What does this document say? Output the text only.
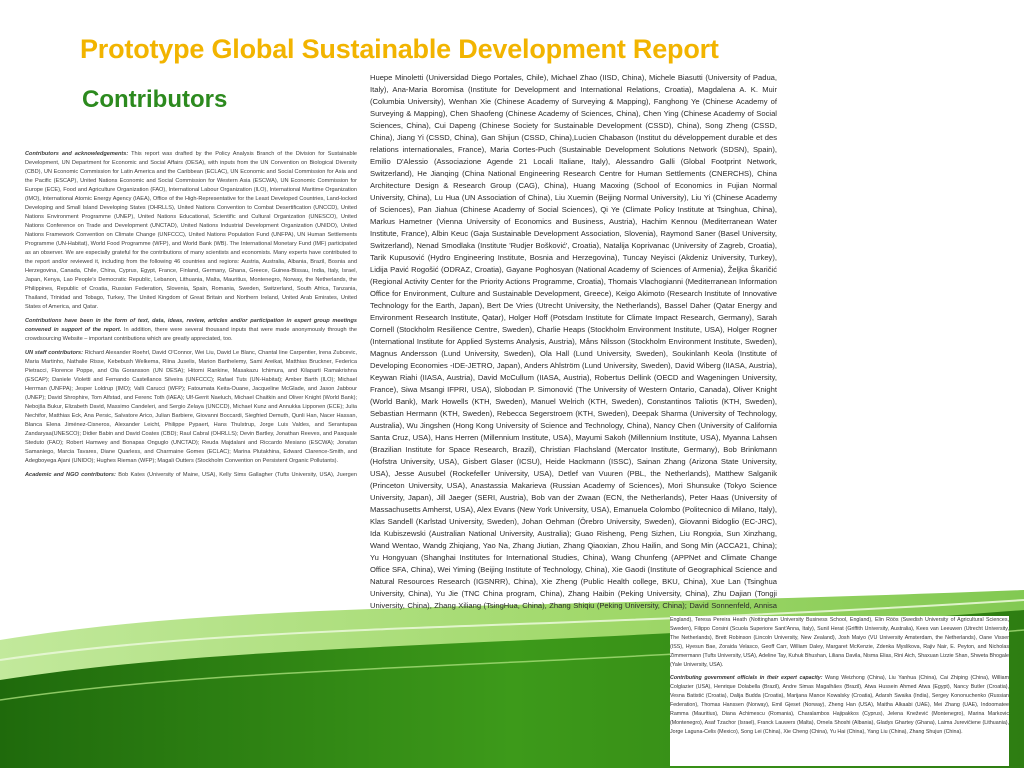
Prototype Global Sustainable Development Report
Contributors

Contributors and acknowledgements: This report was drafted by the Policy Analysis Branch of the Division for Sustainable Development, UN Department for Economic and Social Affairs (DESA), with inputs from the UN Convention on Biological Diversity (CBD), UN Economic Commission for Latin America and the Caribbean (ECLAC), UN Economic and Social Commission for Asia and the Pacific (ESCAP), United Nations Economic and Social Commission for Western Asia (ESCWA), UN Economic Commission for Europe (ECE), Food and Agriculture Organization (FAO), International Labour Organization (ILO), International Maritime Organization (IMO), International Atomic Energy Agency (IAEA), Office of the High-Representative for the Least Developed Countries, Land-locked Developing and Small Island Developing States (OHRLLS), United Nations Convention to Combat Desertification (UNCCD), United Nations Environment Programme (UNEP), United Nations Educational, Scientific and Cultural Organization (UNESCO), United Nations Conference on Trade and Development (UNCTAD), United Nations Industrial Development Organization (UNIDO), United Nations Framework Convention on Climate Change (UNFCCC), United Nations Population Fund (UNFPA), UN Human Settlements Programme (UN-Habitat), World Food Programme (WFP), and World Bank (WB). The International Monetary Fund (IMF) participated as an observer. We are especially grateful for the contributions of many scientists and economists. Many experts have contributed to the report and/or reviewed it, including from the following 46 countries and regions: Austria, Australia, Albania, Brazil, Bosnia and Herzegovina, Canada, Chile, China, Cyprus, Egypt, France, Finland, Germany, Ghana, Greece, Guinea-Bissau, India, Italy, Israel, Japan, Kenya, Lao People's Democratic Republic, Lebanon, Lithuania, Malta, Mauritius, Montenegro, Norway, the Netherlands, the Philippines, Republic of Croatia, Russian Federation, Slovenia, Spain, Romania, Sweden, Switzerland, South Africa, Tanzania, Thailand, Trinidad and Tobago, Turkey, The United Kingdom of Great Britain and Northern Ireland, United Arab Emirates, United States of America, and Qatar.

Contributions have been in the form of text, data, ideas, review, articles and/or participation in expert group meetings convened in support of the report. In addition, there were several thousand inputs that were made anonymously through the crowdsourcing Website – important contributions which are greatly appreciated, too.

UN staff contributors: Richard Alexander Roehrl, David O'Connor, Wei Liu, David Le Blanc, Chantal line Carpentier, Irena Zubcevic, Maria Martinho, Nathalie Risse, Kebebush Welkema, Riina Juselis, Marion Barthelemy, Sami Areikat, Matthias Bruckner, Federica Pietracci, Florence Poppe, and Ola Goransson (UN DESA); Hitomi Rankine, Masakazu Ichimura, and Kilaparti Ramakrishna (ESCAP); Daniele Violetti and Fernando Castellanos Silveira (UNFCCC); Rafael Tuts (UN-Habitat); Amber Barth (ILO); Michael Herrman (UNFPA); Jesper Loldrup (IMO); Valli Carucci (WFP); Fatoumata Keita-Ouane, Jacqueline McGlade, and Jason Jabbour (UNEP); David Shrophire, Tom Alfstad, and Ferenc Toth (IAEA); Ulf-Gerrit Naeluch, Michael Chaitkin and Oliver Knight (World Bank); Nebojša Bukur, Elizabeth David, Massimo Candeleri, and Sergio Zelaya (UNCCD), Michael Kunz and Annukka Lipponen (ECE); Julia Nechifor, Matthias Eck, Ana Persic, Salvatore Arico, Julian Barbiere, Giovanni Boccardi, Siegfried Demuth, Qunli Han, Nacer Hassan, Blanca Elena Jiménez-Cisneros, Alexander Leicht, Philippe Pypaert, Hans Thulstrup, Jorge Luis Valdes, and Serantupaa Zandaryaa(UNESCO); Didier Babin and David Coates (CBD); Raul Cabral (OHRLLS); Devin Bartley, Jonathan Reeves, and Pasquale Steduto (FAO); Robert Hamwey and Bonapas Onguglo (UNCTAD); Reuda Majdalani and Riccardo Mesiano (ESCWA); Jonatan Samaniego, Marcia Tavares, Diane Quarless, and Charmaine Gomes (ECLAC); Marina Plutakhina, Edward Clarence-Smith, and Adegboyega Ajani (UNIDO); Hughes Rieman (WFP); Magali Outters (Stockholm Convention on Persistent Organic Pollutants).

Academic and NGO contributors: Bob Kates (University of Maine, USA), Kelly Sims Gallagher (Tufts University, USA), Juergen

Huepe Minoletti (Universidad Diego Portales, Chile), Michael Zhao (IISD, China), Michele Biasutti (University of Padua, Italy), Ana-Maria Boromisa (Institute for Development and International Relations, Croatia), Magdalena A. K. Muir (Columbia University), Wenhan Xie (Chinese Academy of Surveying & Mapping), Fanghong Ye (Chinese Academy of Surveying & Mapping), Chen Shaofeng (Chinese Academy of Sciences, China), Chen Ying (Chinese Academy of Social Sciences, China), Cui Dapeng (Chinese Society for Sustainable Development (CSSD), China), Song Zheng (CSSD, China), Jiang Yi (CSSD, China), Gan Shijun (CSSD, China),Lucien Chabason (Institut du développement durable et des relations internationales, France), Maria Cortes-Puch (Sustainable Development Solutions Network (SDSN), Spain), Emilio D'Alessio (Associazione Agende 21 Locali Italiane, Italy), Alessandro Galli (Global Footprint Network, Switzerland), He Jianqing (China National Engineering Research Centre for Human Settlements (CNERCHS), China Architecture Design & Research Group (CAG), China), Huang Maoxing (School of Economics in Fujian Normal University, China), Lu Hua (UN Association of China), Liu Xuemin (Beijing Normal University), Liu Yi (Chinese Academy of Sciences), Pan Jiahua (Chinese Academy of Social Sciences), Qi Ye (Climate Policy Institute at Tsinghua, China), Markus Hametner (Vienna University of Economics and Business, Austria), Hachim Kennou (Mediterranean Water Institute, France), Albin Keuc (Gaja Sustainable Development Association, Slovenia), Raymond Saner (Basel University, Switzerland), Nenad Smodlaka (Institute 'Rudjer Bošković', Croatia), Natalija Koprivanac (University of Zagreb, Croatia), Tarik Kupusović (Hydro Engineering Institute, Bosnia and Herzegovina), Tuncay Neyisci (Akdeniz University, Turkey), Lidija Pavić Rogošić (ODRAZ, Croatia), Gayane Poghosyan (National Academy of Sciences of Armenia), Željka Škaričić (Regional Activity Center for the Priority Actions Programme, Croatia), Thomais Vlachogianni (Mediterranean Information Office for Environment, Culture and Sustainable Development, Greece), Keigo Akimoto (Research Institute of Innovative Technology for the Earth, Japan), Bert De Vries (Utrecht University, the Netherlands), Bassel Daher (Qatar Energy and Environment Research Institute, Qatar), Holger Hoff (Potsdam Institute for Climate Impact Research, Germany), Sarah Cornell (Stockholm Resilience Centre, Sweden), Charlie Heaps (Stockholm Environment Institute, USA), Holger Rogner (International Institute for Applied Systems Analysis, Austria), Måns Nilsson (Stockholm Environment Institute, Sweden), Magnus Andersson (Lund University, Sweden), Ola Hall (Lund University, Sweden), Soukinlanh Keola (Institute of Developing Economies -IDE-JETRO, Japan), Anders Ahlström (Lund University, Sweden), David Wiberg (IIASA, Austria), Keywan Riahi (IIASA, Austria), David McCullum (IIASA, Austria), Robertus Dellink (OECD and Wageningen University, France), Siwa Msangi IFPRI, USA), Slobodan P. Simonović (The University of Western Ontario, Canada), Oliver Knight (World Bank), Mark Howells (KTH, Sweden), Manuel Welrich (KTH, Sweden), Constantinos Taliotis (KTH, Sweden), Sebastian Hermann (KTH, Sweden), Rebecca Segerstroem (KTH, Sweden), Deepak Sharma (University of Technology, Australia), Wu Jingshen (Hong Kong University of Science and Technology, China), Nancy Chen (University of California Santa Cruz, USA), Hans Herren (Millennium Institute, USA), Mayumi Sakoh (Millennium Institute, USA), Myanna Lahsen (Brazilian Institute for Space Research, Brazil), Christian Flachsland (Mercator Institute, Germany), Bob Brinkmann (Hofstra University, USA), Gisbert Glaser (ICSU), Heide Hackmann (ISSC), Sainan Zhang (Arizona State University, USA), Jesse Ausubel (Rockefeller University, USA), Detlef van Vuuren (PBL, the Netherlands), Matthew Salganik (Princeton University, USA), Anastassia Makarieva (Russian Academy of Sciences), Mori Shunsuke (Tokyo Science University, Japan), Jill Jaeger (SERI, Austria), Bob van der Zwaan (ECN, the Netherlands), Peter Haas (University of Massachusetts Amherst, USA), Alex Evans (New York University, USA), Emanuela Colombo (Politecnico di Milano, Italy), Klas Sandell (Karlstad University, Sweden), Johan Oehman (Örebro University, Sweden), Giovanni Bidoglio (EC-JRC), Ida Kubiszewski (Australian National University, Australia); Guao Risheng, Peng Sizhen, Liu Rongxia, Sun Xinzhang, Wand Wentao, Wandg Zhiqiang, Yao Na, Zhang Jiutian, Zhang Qiaoxian, Zhou Hailin, and Song Min (ACCA21, China); Yu Hongyuan (Shanghai Institutes for International Studies, China), Wang Chunfeng (APPNet and Climate Change Office SFA, China), Wei Yiming (Beijing Institute of Technology, China), Xie Gaodi (Institute of Geographical Science and Natural Resources Research (IGSNRR), China), Xie Zheng (Public Health college, BKU, China), Xue Lan (Tsinghua University, China), Yu Jie (TNC China program, China), Zhang Haibin (Peking University, China), Zhu Dajian (Tongji University, China), Zhang Xiliang (TsingHua, China), Zhang Shiqiu (Peking University, China); David Sonnenfeld, Annisa

England), Teresa Pereira Heath (Nottingham University Business School, England), Elin Röös (Swedish University of Agricultural Sciences, Sweden), Filippo Corsini (Scuola Superiore Sant'Anna, Italy), Sunil Herat (Griffith University, Australia), Kees van Leeuwen (Utrecht University, The Netherlands), Brett Robinson (Lincoln University, New Zealand), Josh Maiyo (VU University Amsterdam, the Netherlands), Oane Visser (ISS), Hyesun Bae, Zoraida Velasco, Geoff Carr, William Daley, Margaret McKenzie, Zdenka Myslikova, Rajiv Nair, E. Peyton, and Nicholas Zimmermann (Tufts University, USA), Adeline Tay, Kuhuk Bhushan, Liliana Davila, Nisma Elias, Rini Aich, Shaxuan Lizzie Shan, Shweta Bhogale (Yale University, USA).

Contributing government officials in their expert capacity: Wang Weizhong (China), Liu Yanhua (China), Cai Zhiping (China), William Colglazier (USA), Henrique Dolabella (Brazil), Andre Simas Magalhães (Brazil), Atwa Hussein Ahmed Atwa (Egypt), Nancy Butler (Croatia), Vesna Batistić (Croatia), Dalija Budda (Croatia), Marijana Mance Kowalsky (Croatia), Adarsh Swaika (India), Sergey Kononuchenko (Russian Federation), Thomas Hanssen (Norway), Emil Gjeset (Norway), Zheng Han (USA), Maitha Alkaabi (UAE), Mei Zhang (UAE), Indoomatee Ramma (Mauritius), Diana Achimescu (Romania), Charalambos Hajipakkos (Cyprus), Jelena Knežević (Montenegro), Marina Markovic (Montenegro), Asaf Tzachor (Israel), Franck Lauwers (Malta), Ornela Shoshi (Albania), Gladys Ghartey (Ghana), Laima Jurevičiene (Lithuania), Jorge Laguna-Celis (Mexico), Song Lei (China), Xie Cheng (China), Yu Hai (China), Yang Liu (China), Zhang Shujun (China).
